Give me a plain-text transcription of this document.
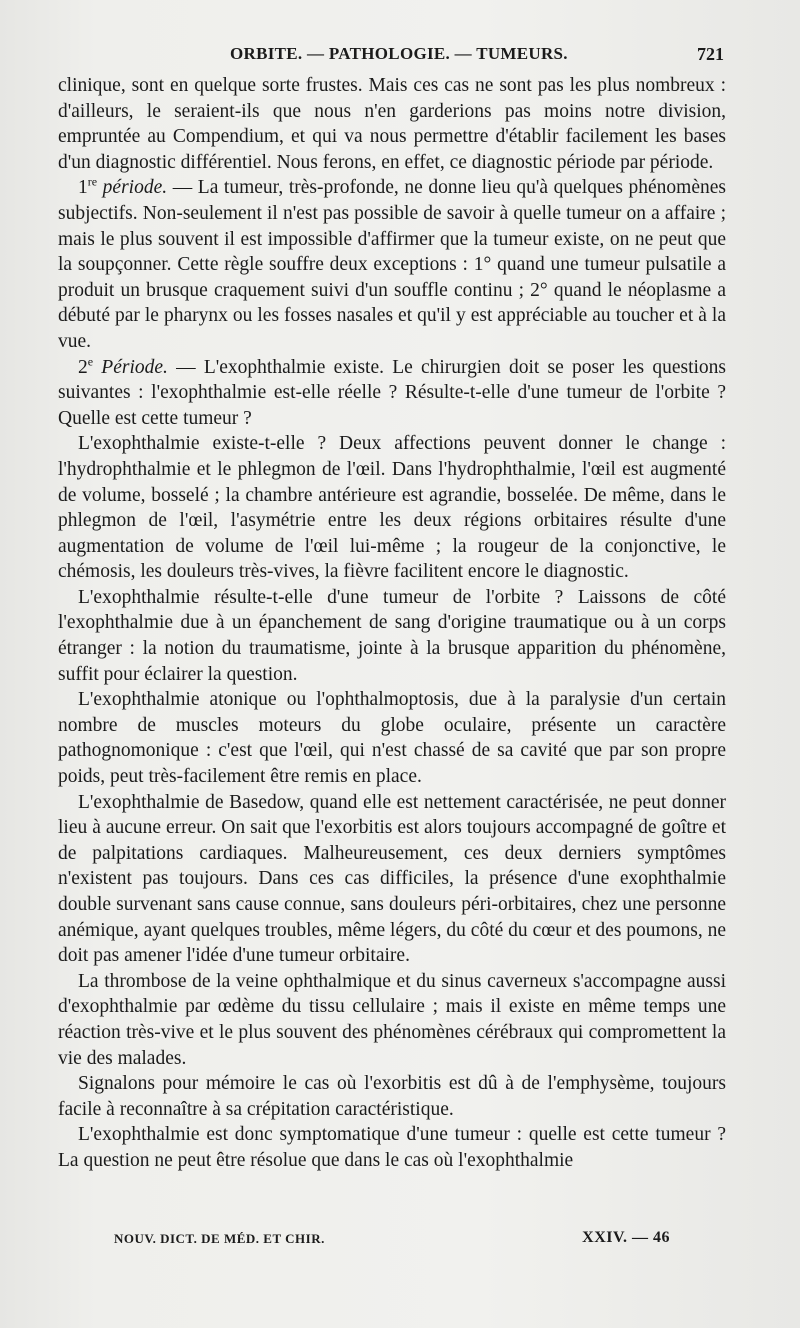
ORBITE. — PATHOLOGIE. — TUMEURS.	721

clinique, sont en quelque sorte frustes. Mais ces cas ne sont pas les plus nombreux : d'ailleurs, le seraient-ils que nous n'en garderions pas moins notre division, empruntée au Compendium, et qui va nous permettre d'établir facilement les bases d'un diagnostic différentiel. Nous ferons, en effet, ce diagnostic période par période.

1re période. — La tumeur, très-profonde, ne donne lieu qu'à quelques phénomènes subjectifs. Non-seulement il n'est pas possible de savoir à quelle tumeur on a affaire ; mais le plus souvent il est impossible d'affirmer que la tumeur existe, on ne peut que la soupçonner. Cette règle souffre deux exceptions : 1° quand une tumeur pulsatile a produit un brusque craquement suivi d'un souffle continu ; 2° quand le néoplasme a débuté par le pharynx ou les fosses nasales et qu'il y est appréciable au toucher et à la vue.

2e Période. — L'exophthalmie existe. Le chirurgien doit se poser les questions suivantes : l'exophthalmie est-elle réelle ? Résulte-t-elle d'une tumeur de l'orbite ? Quelle est cette tumeur ?

L'exophthalmie existe-t-elle ? Deux affections peuvent donner le change : l'hydrophthalmie et le phlegmon de l'œil. Dans l'hydrophthalmie, l'œil est augmenté de volume, bosselé ; la chambre antérieure est agrandie, bosselée. De même, dans le phlegmon de l'œil, l'asymétrie entre les deux régions orbitaires résulte d'une augmentation de volume de l'œil lui-même ; la rougeur de la conjonctive, le chémosis, les douleurs très-vives, la fièvre facilitent encore le diagnostic.

L'exophthalmie résulte-t-elle d'une tumeur de l'orbite ? Laissons de côté l'exophthalmie due à un épanchement de sang d'origine traumatique ou à un corps étranger : la notion du traumatisme, jointe à la brusque apparition du phénomène, suffit pour éclairer la question.

L'exophthalmie atonique ou l'ophthalmoptosis, due à la paralysie d'un certain nombre de muscles moteurs du globe oculaire, présente un caractère pathognomonique : c'est que l'œil, qui n'est chassé de sa cavité que par son propre poids, peut très-facilement être remis en place.

L'exophthalmie de Basedow, quand elle est nettement caractérisée, ne peut donner lieu à aucune erreur. On sait que l'exorbitis est alors toujours accompagné de goître et de palpitations cardiaques. Malheureusement, ces deux derniers symptômes n'existent pas toujours. Dans ces cas difficiles, la présence d'une exophthalmie double survenant sans cause connue, sans douleurs péri-orbitaires, chez une personne anémique, ayant quelques troubles, même légers, du côté du cœur et des poumons, ne doit pas amener l'idée d'une tumeur orbitaire.

La thrombose de la veine ophthalmique et du sinus caverneux s'accompagne aussi d'exophthalmie par œdème du tissu cellulaire ; mais il existe en même temps une réaction très-vive et le plus souvent des phénomènes cérébraux qui compromettent la vie des malades.

Signalons pour mémoire le cas où l'exorbitis est dû à de l'emphysème, toujours facile à reconnaître à sa crépitation caractéristique.

L'exophthalmie est donc symptomatique d'une tumeur : quelle est cette tumeur ? La question ne peut être résolue que dans le cas où l'exophthalmie

NOUV. DICT. DE MÉD. ET CHIR.	XXIV. — 46
